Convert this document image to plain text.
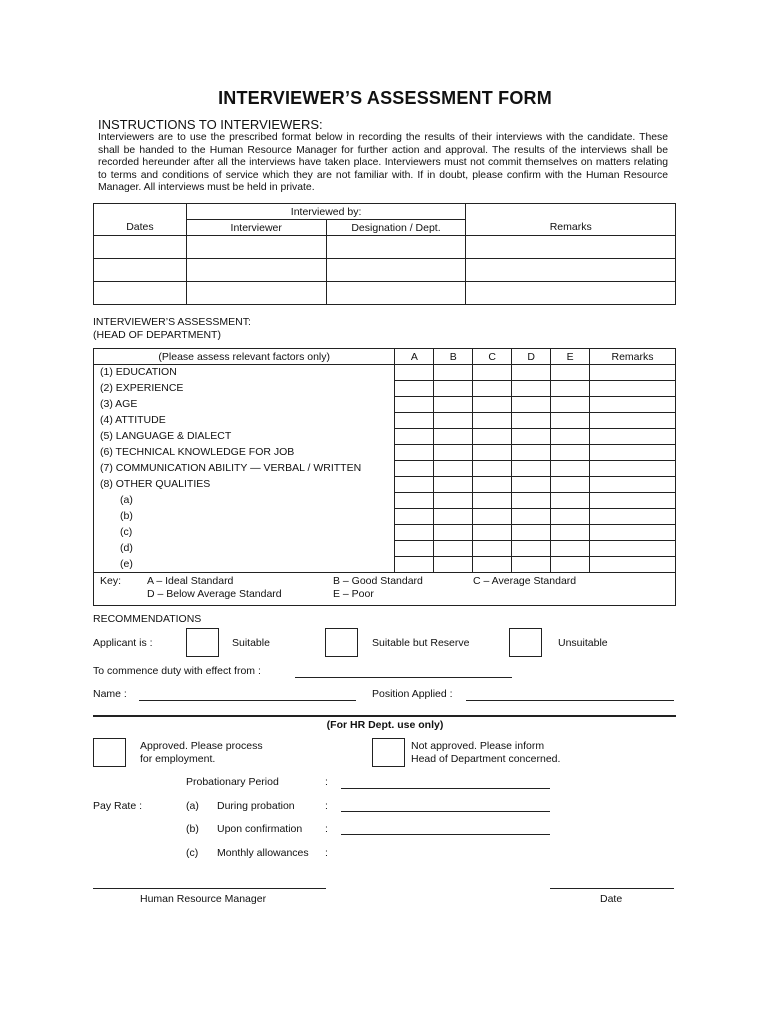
INTERVIEWER’S ASSESSMENT FORM
INSTRUCTIONS TO INTERVIEWERS:
Interviewers are to use the prescribed format below in recording the results of their interviews with the candidate. These shall be handed to the Human Resource Manager for further action and approval. The results of the interviews shall be recorded hereunder after all the interviews have taken place. Interviewers must not commit themselves on matters relating to terms and conditions of service which they are not familiar with. If in doubt, please confirm with the Human Resource Manager. All interviews must be held in private.
Dates	Interviewed by:		Remarks
	Interviewer	Designation / Dept.	

INTERVIEWER’S ASSESSMENT:
(HEAD OF DEPARTMENT)
(Please assess relevant factors only)	A	B	C	D	E	Remarks

(1) EDUCATION
(2) EXPERIENCE
(3) AGE
(4) ATTITUDE
(5) LANGUAGE & DIALECT
(6) TECHNICAL KNOWLEDGE FOR JOB
(7) COMMUNICATION ABILITY — VERBAL / WRITTEN
(8) OTHER QUALITIES
(a)
(b)
(c)
(d)
(e)
Key: A – Ideal Standard	B – Good Standard	C – Average Standard
D – Below Average Standard	E – Poor
RECOMMENDATIONS
Applicant is :	Suitable	Suitable but Reserve	Unsuitable
To commence duty with effect from :
Name :	Position Applied :
(For HR Dept. use only)
Approved. Please process
for employment.
Not approved. Please inform
Head of Department concerned.
Probationary Period	:
Pay Rate :	(a) During probation	:
(b) Upon confirmation :
(c) Monthly allowances :
Human Resource Manager	Date
